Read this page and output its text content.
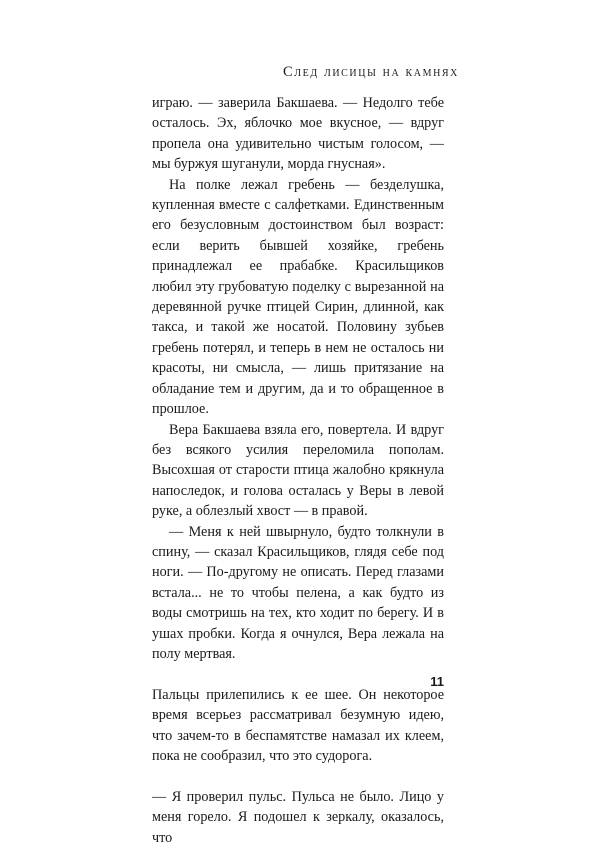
След лисицы на камнях

играю. — заверила Бакшаева. — Недолго тебе осталось. Эх, яблочко мое вкусное, — вдруг пропела она удивительно чистым голосом, — мы буржуя шуганули, морда гнусная».

На полке лежал гребень — безделушка, купленная вместе с салфетками. Единственным его безусловным достоинством был возраст: если верить бывшей хозяйке, гребень принадлежал ее прабабке. Красильщиков любил эту грубоватую поделку с вырезанной на деревянной ручке птицей Сирин, длинной, как такса, и такой же носатой. Половину зубьев гребень потерял, и теперь в нем не осталось ни красоты, ни смысла, — лишь притязание на обладание тем и другим, да и то обращенное в прошлое.

Вера Бакшаева взяла его, повертела. И вдруг без всякого усилия переломила пополам. Высохшая от старости птица жалобно крякнула напоследок, и голова осталась у Веры в левой руке, а облезлый хвост — в правой.

— Меня к ней швырнуло, будто толкнули в спину, — сказал Красильщиков, глядя себе под ноги. — По-другому не описать. Перед глазами встала... не то чтобы пелена, а как будто из воды смотришь на тех, кто ходит по берегу. И в ушах пробки. Когда я очнулся, Вера лежала на полу мертвая.

Пальцы прилепились к ее шее. Он некоторое время всерьез рассматривал безумную идею, что зачем-то в беспамятстве намазал их клеем, пока не сообразил, что это судорога.

— Я проверил пульс. Пульса не было. Лицо у меня горело. Я подошел к зеркалу, оказалось, что

11
